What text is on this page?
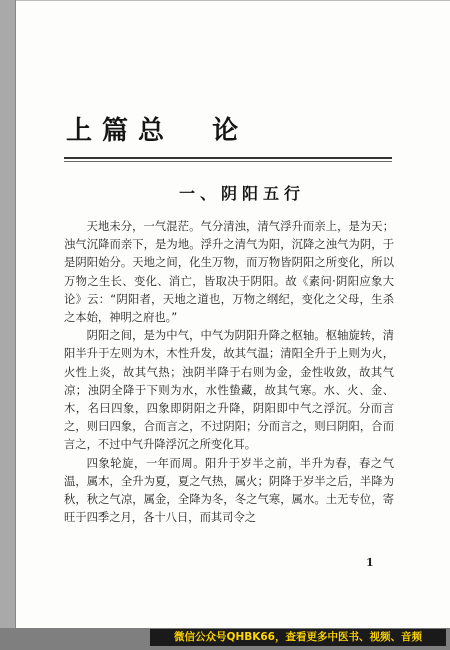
上篇总  论
一、阴阳五行

天地未分，一气混茫。气分清浊，清气浮升而亲上，是为天；浊气沉降而亲下，是为地。浮升之清气为阳，沉降之浊气为阴，于是阴阳始分。天地之间，化生万物，而万物皆阴阳之所变化，所以万物之生长、变化、消亡，皆取决于阴阳。故《素问·阴阳应象大论》云：“阴阳者，天地之道也，万物之纲纪，变化之父母，生杀之本始，神明之府也。”

阴阳之间，是为中气，中气为阴阳升降之枢轴。枢轴旋转，清阳半升于左则为木，木性升发，故其气温；清阳全升于上则为火，火性上炎，故其气热；浊阴半降于右则为金，金性收敛，故其气凉；浊阴全降于下则为水，水性蛰藏，故其气寒。水、火、金、木，名曰四象，四象即阴阳之升降，阴阳即中气之浮沉。分而言之，则曰四象，合而言之，不过阴阳；分而言之，则曰阴阳，合而言之，不过中气升降浮沉之所变化耳。

四象轮旋，一年而周。阳升于岁半之前，半升为春，春之气温，属木，全升为夏，夏之气热，属火；阴降于岁半之后，半降为秋，秋之气凉，属金，全降为冬，冬之气寒，属水。土无专位，寄旺于四季之月，各十八日，而其司令之

1
微信公众号QHBK66，查看更多中医书、视频、音频
